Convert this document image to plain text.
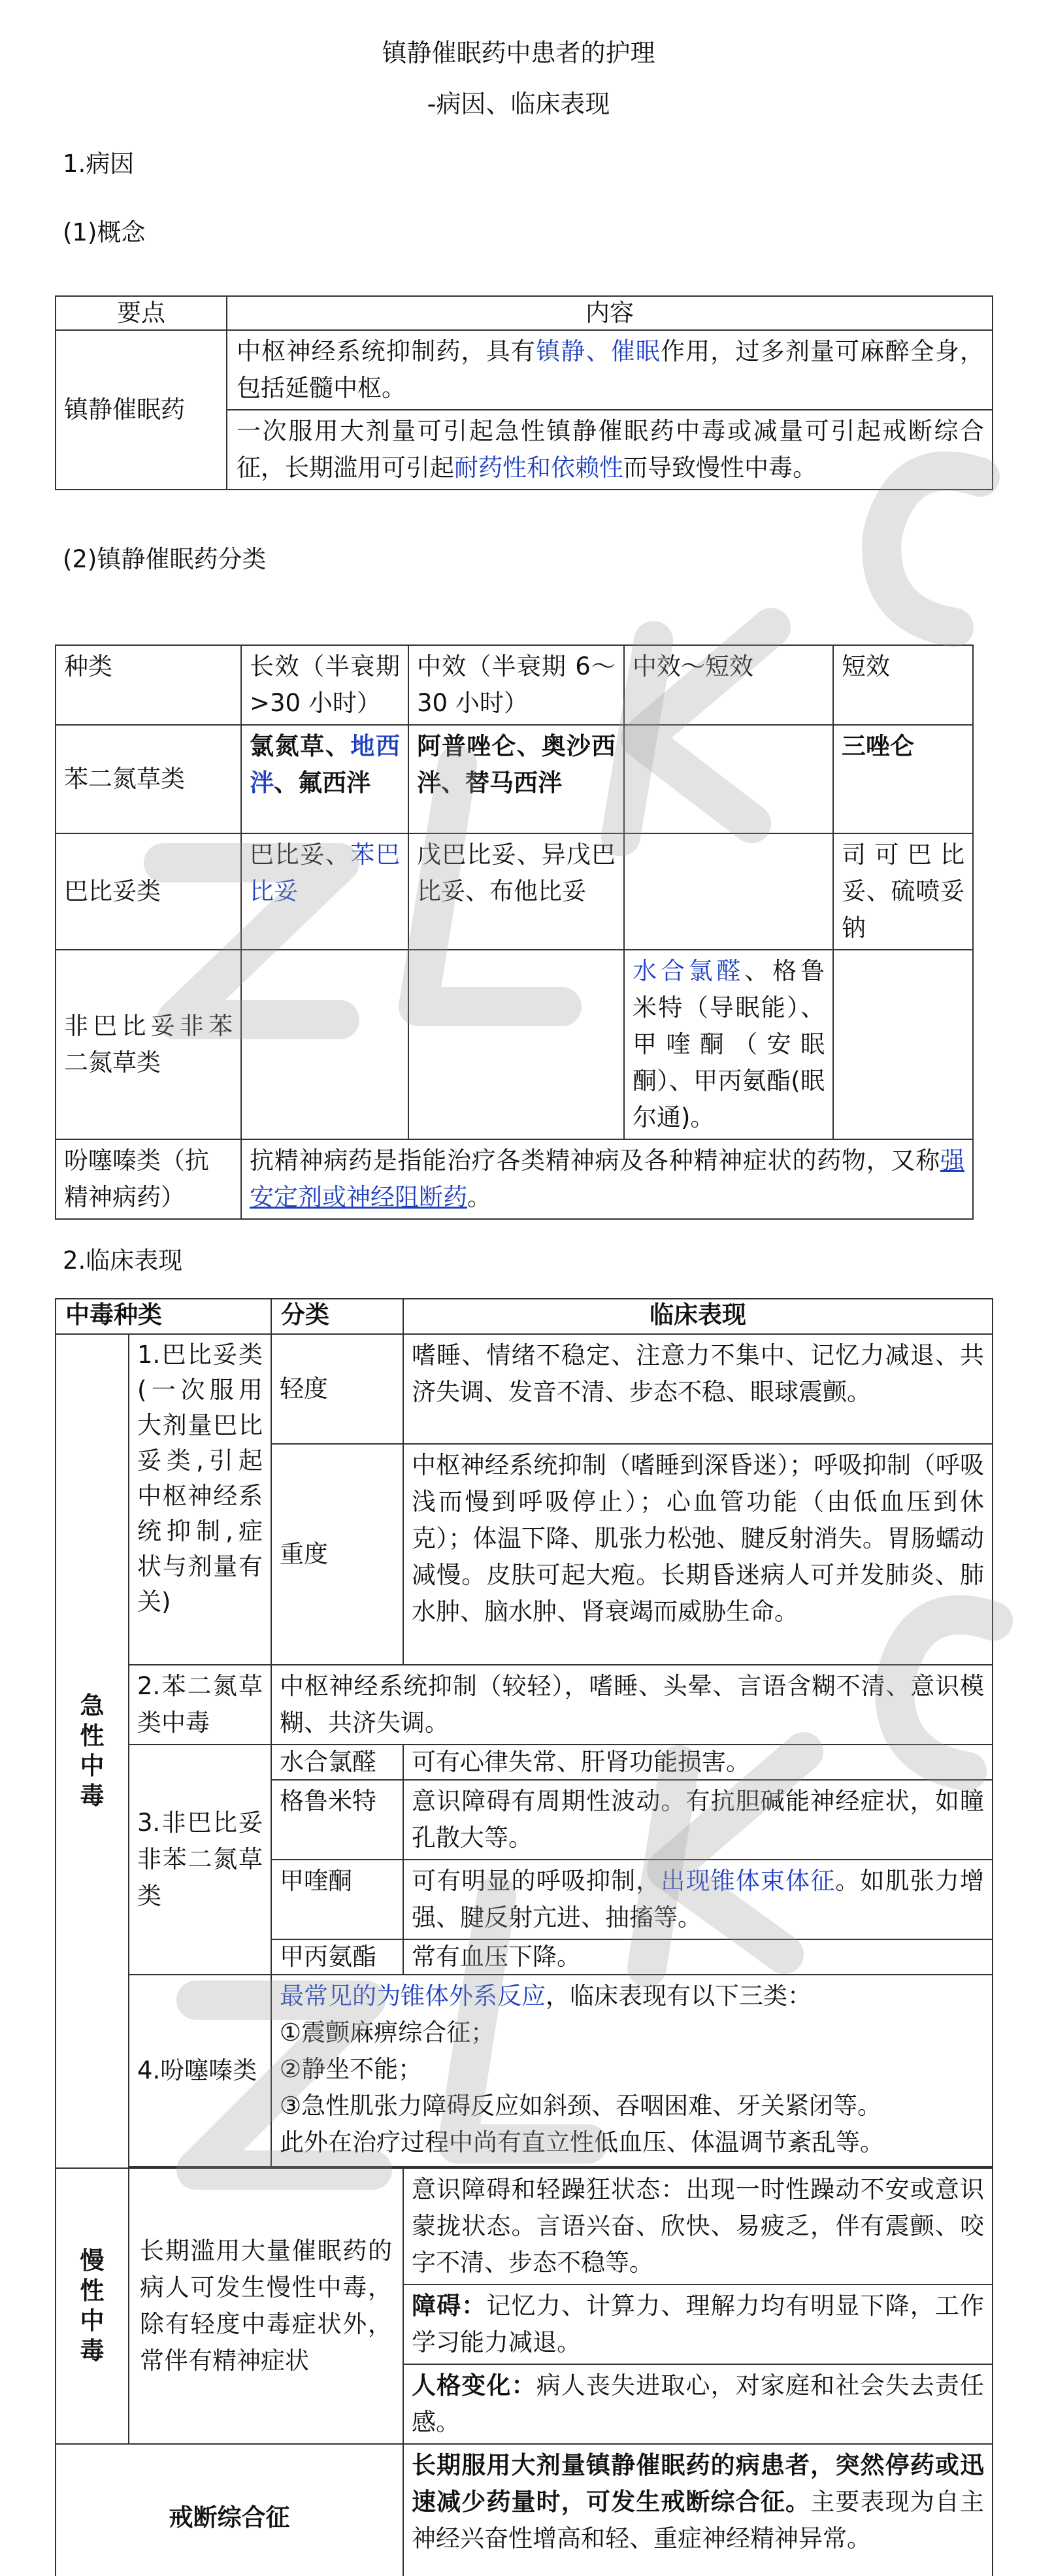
镇静催眠药中患者的护理
-病因、临床表现
1.病因
(1)概念
要点	内容
镇静催眠药	中枢神经系统抑制药，具有镇静、催眠作用，过多剂量可麻醉全身，包括延髓中枢。
	一次服用大剂量可引起急性镇静催眠药中毒或减量可引起戒断综合征，长期滥用可引起耐药性和依赖性而导致慢性中毒。
(2)镇静催眠药分类
种类	长效（半衰期>30 小时）	中效（半衰期 6～30 小时）	中效～短效	短效
苯二氮草类	氯氮草、地西泮、氟西泮	阿普唑仑、奥沙西泮、替马西泮		三唑仑
巴比妥类	巴比妥、苯巴比妥	戊巴比妥、异戊巴比妥、布他比妥		司可巴比妥、硫喷妥钠
非巴比妥非苯二氮草类			水合氯醛、格鲁米特（导眠能）、甲喹酮（安眠酮）、甲丙氨酯(眠尔通)。	
吩噻嗪类（抗精神病药）	抗精神病药是指能治疗各类精神病及各种精神症状的药物，又称强安定剂或神经阻断药。			
2.临床表现
中毒种类		分类	临床表现

急性中毒	1.巴比妥类(一次服用大剂量巴比妥类,引起中枢神经系统抑制,症状与剂量有关)	轻度	嗜睡、情绪不稳定、注意力不集中、记忆力减退、共济失调、发音不清、步态不稳、眼球震颤。
		重度	中枢神经系统抑制（嗜睡到深昏迷）；呼吸抑制（呼吸浅而慢到呼吸停止）；心血管功能（由低血压到休克）；体温下降、肌张力松弛、腱反射消失。胃肠蠕动减慢。皮肤可起大疱。长期昏迷病人可并发肺炎、肺水肿、脑水肿、肾衰竭而威胁生命。
	2.苯二氮草类中毒	中枢神经系统抑制（较轻），嗜睡、头晕、言语含糊不清、意识模糊、共济失调。	
	3.非巴比妥 非苯二氮草类	水合氯醛	可有心律失常、肝肾功能损害。
		格鲁米特	意识障碍有周期性波动。有抗胆碱能神经症状，如瞳孔散大等。
		甲喹酮	可有明显的呼吸抑制，出现锥体束体征。如肌张力增强、腱反射亢进、抽搐等。
		甲丙氨酯	常有血压下降。
	4.吩噻嗪类	最常见的为锥体外系反应，临床表现有以下三类：
①震颤麻痹综合征；
②静坐不能；
③急性肌张力障碍反应如斜颈、吞咽困难、牙关紧闭等。
此外在治疗过程中尚有直立性低血压、体温调节紊乱等。	

慢性中毒	长期滥用大量催眠药的病人可发生慢性中毒，除有轻度中毒症状外，常伴有精神症状		意识障碍和轻躁狂状态：出现一时性躁动不安或意识蒙拢状态。言语兴奋、欣快、易疲乏，伴有震颤、咬字不清、步态不稳等。
			障碍：记忆力、计算力、理解力均有明显下降，工作学习能力减退。
			人格变化：病人丧失进取心，对家庭和社会失去责任感。
戒断综合征			长期服用大剂量镇静催眠药的病患者，突然停药或迅速减少药量时，可发生戒断综合征。主要表现为自主神经兴奋性增高和轻、重症神经精神异常。
